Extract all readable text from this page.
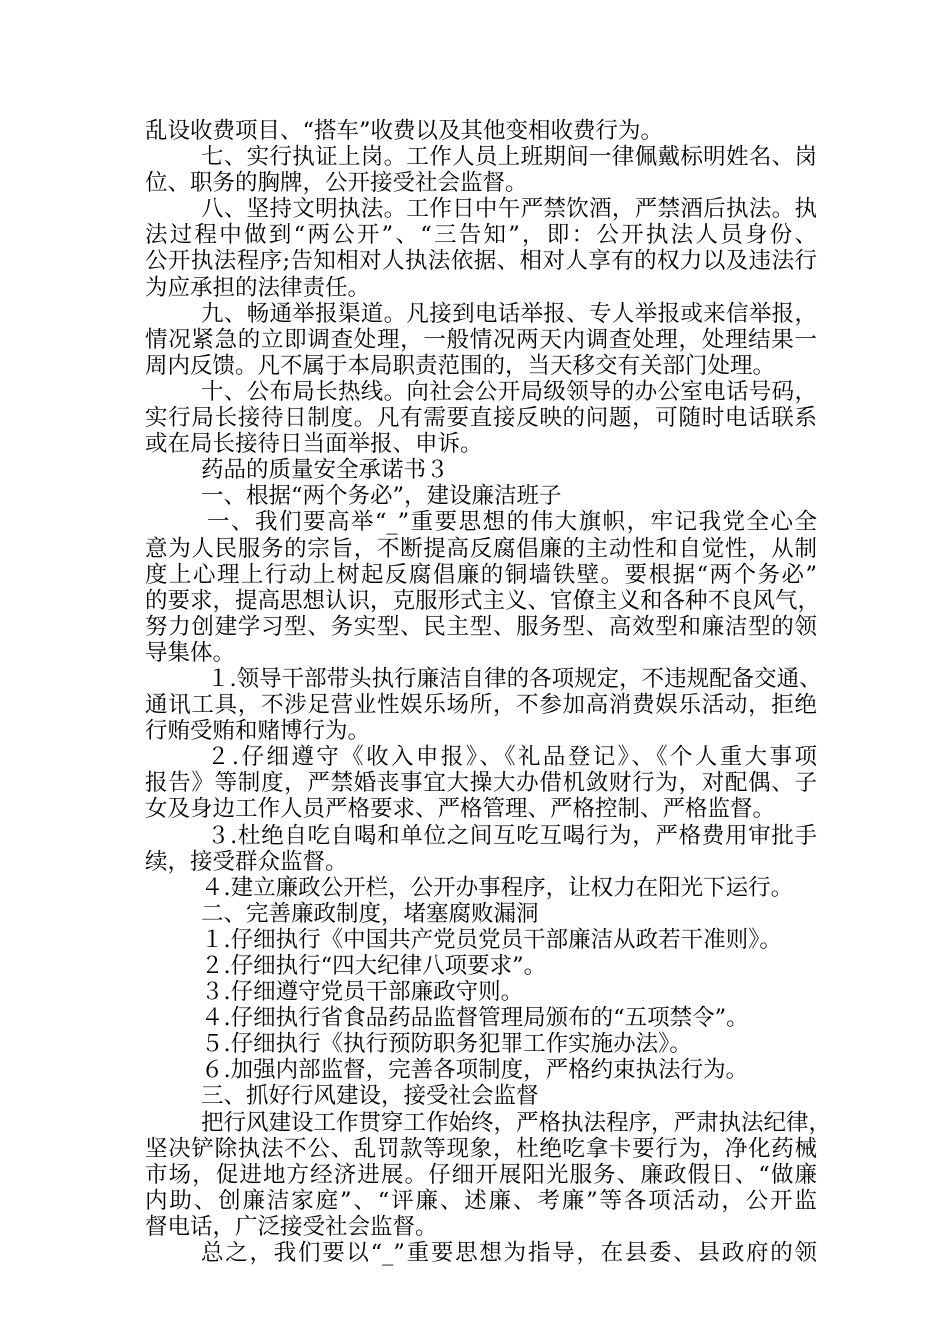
乱设收费项目、“搭车”收费以及其他变相收费行为。
七、实行执证上岗。工作人员上班期间一律佩戴标明姓名、岗
位、职务的胸牌，公开接受社会监督。
八、坚持文明执法。工作日中午严禁饮酒，严禁酒后执法。执
法过程中做到“两公开”、“三告知”，即：公开执法人员身份、
公开执法程序;告知相对人执法依据、相对人享有的权力以及违法行
为应承担的法律责任。
九、畅通举报渠道。凡接到电话举报、专人举报或来信举报，
情况紧急的立即调查处理，一般情况两天内调查处理，处理结果一
周内反馈。凡不属于本局职责范围的，当天移交有关部门处理。
十、公布局长热线。向社会公开局级领导的办公室电话号码，
实行局长接待日制度。凡有需要直接反映的问题，可随时电话联系
或在局长接待日当面举报、申诉。
药品的质量安全承诺书３
一、根据“两个务必”，建设廉洁班子
一、我们要高举“_”重要思想的伟大旗帜，牢记我党全心全
意为人民服务的宗旨，不断提高反腐倡廉的主动性和自觉性，从制
度上心理上行动上树起反腐倡廉的铜墙铁壁。要根据“两个务必”
的要求，提高思想认识，克服形式主义、官僚主义和各种不良风气，
努力创建学习型、务实型、民主型、服务型、高效型和廉洁型的领
导集体。
１.领导干部带头执行廉洁自律的各项规定，不违规配备交通、
通讯工具，不涉足营业性娱乐场所，不参加高消费娱乐活动，拒绝
行贿受贿和赌博行为。
２.仔细遵守《收入申报》、《礼品登记》、《个人重大事项
报告》等制度，严禁婚丧事宜大操大办借机敛财行为，对配偶、子
女及身边工作人员严格要求、严格管理、严格控制、严格监督。
３.杜绝自吃自喝和单位之间互吃互喝行为，严格费用审批手
续，接受群众监督。
４.建立廉政公开栏，公开办事程序，让权力在阳光下运行。
二、完善廉政制度，堵塞腐败漏洞
１.仔细执行《中国共产党员党员干部廉洁从政若干准则》。
２.仔细执行“四大纪律八项要求”。
３.仔细遵守党员干部廉政守则。
４.仔细执行省食品药品监督管理局颁布的“五项禁令”。
５.仔细执行《执行预防职务犯罪工作实施办法》。
６.加强内部监督，完善各项制度，严格约束执法行为。
三、抓好行风建设，接受社会监督
把行风建设工作贯穿工作始终，严格执法程序，严肃执法纪律，
坚决铲除执法不公、乱罚款等现象，杜绝吃拿卡要行为，净化药械
市场，促进地方经济进展。仔细开展阳光服务、廉政假日、“做廉
内助、创廉洁家庭”、“评廉、述廉、考廉”等各项活动，公开监
督电话，广泛接受社会监督。
总之，我们要以“_”重要思想为指导，在县委、县政府的领
